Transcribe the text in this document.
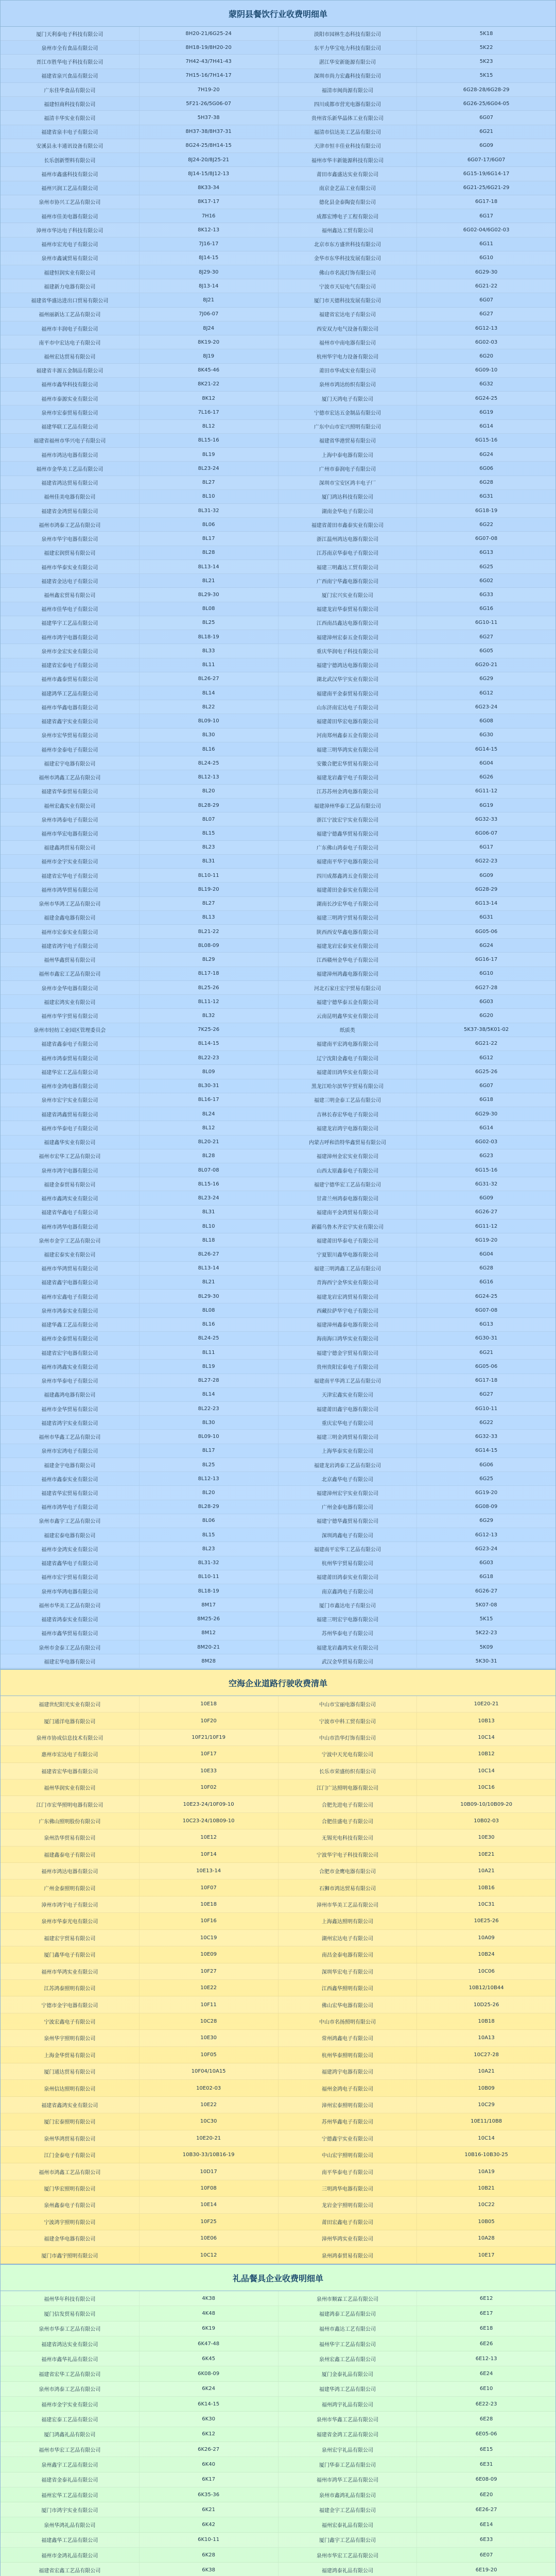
蒙阴县餐饮行业收费明细单
厦门天利泰电子科技有限公司	8H20-21/6G25-24	淡阳市园林生态科技有限公司	5K18
泉州市全有食品有限公司	8H18-19/8H20-20	东平力华宝电力科技有限公司	5K22
晋江市胜华电子科技有限公司	7H42-43/7H41-43	湛江华安新能源有限公司	5K23
福建省泉兴食品有限公司	7H15-16/7H14-17	深圳市尚力宏鑫科技有限公司	5K15
广东佳华食品有限公司	7H19-20	福清市闽尚源有限公司	6G28-28/6G28-29
福建恒商科技有限公司	5F21-26/5G06-07	四川成都市营光电器有限公司	6G26-25/6G04-05
福清丰华实业有限公司	5H37-38	贵州省乐新华晶体工业有限公司	6G07
福建省泉丰电子有限公司	8H37-38/8H37-31	福清市信达美工艺品有限公司	6G21
安溪县永丰通讯设备有限公司	8G24-25/8H14-15	天津市恒丰佳业科技有限公司	6G09
长乐创新塑料有限公司	8J24-20/8J25-21	福州市华丰新能源科技有限公司	6G07-17/6G07
福州市鑫盛科技有限公司	8J14-15/8J12-13	莆田市鑫盛达实业有限公司	6G15-19/6G14-17
福州兴润工艺品有限公司	8K33-34	南京金艺品工业有限公司	6G21-25/6G21-29
泉州市协兴工艺品有限公司	8K17-17	德化县金泰陶瓷有限公司	6G17-18
福州市佳美电器有限公司	7H16	成都宏博电子工程有限公司	6G17
漳州市华达电子科技有限公司	8K12-13	福州鑫达工贸有限公司	6G02-04/6G02-03
福州市宏光电子有限公司	7J16-17	北京市东方盛世科技有限公司	6G11
泉州市鑫诚贸易有限公司	8J14-15	金华市东华科技发展有限公司	6G10
福建恒润实业有限公司	8J29-30	佛山市名流灯饰有限公司	6G29-30
福建新力电器有限公司	8J13-14	宁波市天辰电气有限公司	6G21-22
福建省华盛达进出口贸易有限公司	8J21	厦门市天德科技发展有限公司	6G07
福州丽新达工艺品有限公司	7J06-07	福建省宏达电子有限公司	6G27
福州市丰润电子有限公司	8J24	西安双力电气设备有限公司	6G12-13
南平市中宏达电子有限公司	8K19-20	福州市中南电器有限公司	6G02-03
福州宏达贸易有限公司	8J19	杭州华宇电力设备有限公司	6G20
福建省丰源五金制品有限公司	8K45-46	莆田市华成实业有限公司	6G09-10
福州市鑫华科技有限公司	8K21-22	泉州市鸿达纺织有限公司	6G32
福州市泰源实业有限公司	8K12	厦门天鸿电子有限公司	6G24-25
泉州市宏泰贸易有限公司	7L16-17	宁德市宏达五金制品有限公司	6G19
福建华联工艺品有限公司	8L12	广东中山市宏兴照明有限公司	6G14
福建省福州市华兴电子有限公司	8L15-16	福建省华港贸易有限公司	6G15-16
福州市鸿达电器有限公司	8L19	上海中泰电器有限公司	6G24
福州市金华美工艺品有限公司	8L23-24	广州市泰润电子有限公司	6G06
福建省鸿达贸易有限公司	8L27	深圳市宝安区鸿丰电子厂	6G28
福州佳美电器有限公司	8L10	厦门鸿达科技有限公司	6G31
福建省金鸿贸易有限公司	8L31-32	湖南金华电子有限公司	6G18-19
福州市鸿泰工艺品有限公司	8L06	福建省莆田市鑫泰实业有限公司	6G22
泉州市华宇电器有限公司	8L17	浙江温州鸿达电器有限公司	6G07-08
福建宏润贸易有限公司	8L28	江苏南京华泰电子有限公司	6G13
福州市华泰实业有限公司	8L13-14	福建三明鑫达工贸有限公司	6G25
福建省金达电子有限公司	8L21	广西南宁华鑫电器有限公司	6G02
福州鑫宏贸易有限公司	8L29-30	厦门宏兴实业有限公司	6G33
福州市佳华电子有限公司	8L08	福建龙岩华泰贸易有限公司	6G16
福建华宇工艺品有限公司	8L25	江西南昌鑫达电器有限公司	6G10-11
福州市鸿宇电器有限公司	8L18-19	福建漳州宏泰五金有限公司	6G27
泉州市金宏实业有限公司	8L33	重庆华润电子科技有限公司	6G05
福建省宏泰电子有限公司	8L11	福建宁德鸿达电器有限公司	6G20-21
福州市鑫泰贸易有限公司	8L26-27	湖北武汉华宇实业有限公司	6G29
福建鸿华工艺品有限公司	8L14	福建南平金泰贸易有限公司	6G12
福州市华鑫电器有限公司	8L22	山东济南宏达电子有限公司	6G23-24
福建省鑫宇实业有限公司	8L09-10	福建莆田华宏电器有限公司	6G08
泉州市宏华贸易有限公司	8L30	河南郑州鑫泰五金有限公司	6G30
福州市金泰电子有限公司	8L16	福建三明华鸿实业有限公司	6G14-15
福建宏宇电器有限公司	8L24-25	安徽合肥宏华贸易有限公司	6G04
福州市鸿鑫工艺品有限公司	8L12-13	福建龙岩鑫宇电子有限公司	6G26
福建省华泰贸易有限公司	8L20	江苏苏州金鸿电器有限公司	6G11-12
福州宏鑫实业有限公司	8L28-29	福建漳州华泰工艺品有限公司	6G19
泉州市鸿泰电子有限公司	8L07	浙江宁波宏宇实业有限公司	6G32-33
福州市华宏电器有限公司	8L15	福建宁德鑫华贸易有限公司	6G06-07
福建鑫鸿贸易有限公司	8L23	广东佛山鸿泰电子有限公司	6G17
福州市金宇实业有限公司	8L31	福建南平华宇电器有限公司	6G22-23
福建省宏华电子有限公司	8L10-11	四川成都鑫鸿五金有限公司	6G09
福州市鸿华贸易有限公司	8L19-20	福建莆田金泰实业有限公司	6G28-29
泉州市华鸿工艺品有限公司	8L27	湖南长沙宏华电子有限公司	6G13-14
福建金鑫电器有限公司	8L13	福建三明鸿宇贸易有限公司	6G31
福州市宏泰实业有限公司	8L21-22	陕西西安华鑫电器有限公司	6G05-06
福建省鸿宇电子有限公司	8L08-09	福建龙岩宏泰实业有限公司	6G24
福州华鑫贸易有限公司	8L29	江西赣州金华电子有限公司	6G16-17
福州市鑫宏工艺品有限公司	8L17-18	福建漳州鸿鑫电器有限公司	6G10
泉州市金华电器有限公司	8L25-26	河北石家庄宏宇贸易有限公司	6G27-28
福建宏鸿实业有限公司	8L11-12	福建宁德华泰五金有限公司	6G03
福州市华宇贸易有限公司	8L32	云南昆明鑫华实业有限公司	6G20
泉州市轻纺工业园区管理委员会	7K25-26	纸质类	5K37-38/5K01-02
福建省鑫泰电子有限公司	8L14-15	福建南平宏鸿电器有限公司	6G21-22
福州市鸿泰贸易有限公司	8L22-23	辽宁沈阳金鑫电子有限公司	6G12
福建华宏工艺品有限公司	8L09	福建莆田鸿华实业有限公司	6G25-26
福州市金鸿电器有限公司	8L30-31	黑龙江哈尔滨华宇贸易有限公司	6G07
泉州市宏宇实业有限公司	8L16-17	福建三明金泰工艺品有限公司	6G18
福建省鸿鑫贸易有限公司	8L24	吉林长春宏华电子有限公司	6G29-30
福州市华泰电子有限公司	8L12	福建龙岩鸿宇电器有限公司	6G14
福建鑫华实业有限公司	8L20-21	内蒙古呼和浩特华鑫贸易有限公司	6G02-03
福州市宏华工艺品有限公司	8L28	福建漳州金宏实业有限公司	6G23
泉州市鸿宇电器有限公司	8L07-08	山西太原鑫泰电子有限公司	6G15-16
福建金泰贸易有限公司	8L15-16	福建宁德华宏工艺品有限公司	6G31-32
福州市鑫鸿实业有限公司	8L23-24	甘肃兰州鸿泰电器有限公司	6G09
福建省华鑫电子有限公司	8L31	福建南平金鸿贸易有限公司	6G26-27
福州市鸿华电器有限公司	8L10	新疆乌鲁木齐宏宇实业有限公司	6G11-12
泉州市金宇工艺品有限公司	8L18	福建莆田华泰电子有限公司	6G19-20
福建宏泰实业有限公司	8L26-27	宁夏银川鑫华电器有限公司	6G04
福州市华鸿贸易有限公司	8L13-14	福建三明鸿鑫工艺品有限公司	6G28
福建省鑫宇电器有限公司	8L21	青海西宁金华实业有限公司	6G16
福州市宏鑫电子有限公司	8L29-30	福建龙岩宏鸿贸易有限公司	6G24-25
泉州市鸿泰实业有限公司	8L08	西藏拉萨华宇电子有限公司	6G07-08
福建华鑫工艺品有限公司	8L16	福建漳州鑫泰电器有限公司	6G13
福州市金泰贸易有限公司	8L24-25	海南海口鸿华实业有限公司	6G30-31
福建省宏宇电器有限公司	8L11	福建宁德金宇贸易有限公司	6G21
福州市鸿鑫实业有限公司	8L19	贵州贵阳宏泰电子有限公司	6G05-06
泉州市华泰电子有限公司	8L27-28	福建南平华鸿工艺品有限公司	6G17-18
福建鑫鸿电器有限公司	8L14	天津宏鑫实业有限公司	6G27
福州市金华贸易有限公司	8L22-23	福建莆田鑫宇电器有限公司	6G10-11
福建省鸿宇实业有限公司	8L30	重庆宏华电子有限公司	6G22
福州市华鑫工艺品有限公司	8L09-10	福建三明金鸿贸易有限公司	6G32-33
泉州市宏鸿电子有限公司	8L17	上海华泰实业有限公司	6G14-15
福建金宇电器有限公司	8L25	福建龙岩鸿泰工艺品有限公司	6G06
福州市鑫泰实业有限公司	8L12-13	北京鑫华电子有限公司	6G25
福建省华宏贸易有限公司	8L20	福建漳州宏宇实业有限公司	6G19-20
福州市鸿华电子有限公司	8L28-29	广州金泰电器有限公司	6G08-09
泉州市鑫宇工艺品有限公司	8L06	福建宁德华鑫贸易有限公司	6G29
福建宏泰电器有限公司	8L15	深圳鸿鑫电子有限公司	6G12-13
福州市金鸿实业有限公司	8L23	福建南平宏华工艺品有限公司	6G23-24
福建省鑫华电子有限公司	8L31-32	杭州华宇贸易有限公司	6G03
福州市宏宇贸易有限公司	8L10-11	福建莆田鸿泰实业有限公司	6G18
泉州市华鸿电器有限公司	8L18-19	南京鑫鸿电子有限公司	6G26-27
福州市华美工艺品有限公司	8M17	厦门市鑫达电子有限公司	5K07-08
福建省鸿泰实业有限公司	8M25-26	福建三明宏宇电器有限公司	5K15
福州市鑫华贸易有限公司	8M12	苏州华泰电子有限公司	5K22-23
泉州市金泰工艺品有限公司	8M20-21	福建龙岩鑫鸿实业有限公司	5K09
福建宏华电器有限公司	8M28	武汉金华贸易有限公司	5K30-31
空海企业道路行驶收费清单
福建世纪阳光实业有限公司	10E18	中山市宝丽电器有限公司	10E20-21
厦门通洋电器有限公司	10F20	宁波市中科工贸有限公司	10B13
泉州市协成信息技术有限公司	10F21/10F19	中山市浩华灯饰有限公司	10C14
惠州市宏达电子有限公司	10F17	宁波中天光电有限公司	10B12
福建省宏华电器有限公司	10E33	长乐市荣盛纺织有限公司	10C14
福州华润实业有限公司	10F02	江门广达照明电器有限公司	10C16
江门市宏华照明电器有限公司	10E23-24/10F09-10	合肥先进电子有限公司	10B09-10/10B09-20
广东佛山照明股份有限公司	10C23-24/10B09-10	合肥佳盛电子有限公司	10B02-03
泉州浩华贸易有限公司	10E12	无锡光电科技有限公司	10E30
福建鑫泰电子有限公司	10F14	宁波华宇电子科技有限公司	10E21
福州市鸿达电器有限公司	10E13-14	合肥市金鹰电器有限公司	10A21
广州金泰照明有限公司	10F07	石狮市鸿达贸易有限公司	10B16
漳州市鸿宇电子有限公司	10E18	漳州市华美工艺品有限公司	10C31
泉州市华泰光电有限公司	10F16	上海鑫达照明有限公司	10E25-26
福建宏宇贸易有限公司	10C19	湖州宏达电子有限公司	10A09
厦门鑫华电子有限公司	10E09	南昌金泰电器有限公司	10B24
福州市华鸿实业有限公司	10F27	深圳华宏电子有限公司	10C06
江苏鸿泰照明有限公司	10E22	江西鑫华照明有限公司	10B12/10B44
宁德市金宇电器有限公司	10F11	佛山宏华电器有限公司	10D25-26
宁波宏鑫电子有限公司	10C28	中山市名扬照明有限公司	10B18
泉州华宇照明有限公司	10E30	常州鸿鑫电子有限公司	10A13
上海金华贸易有限公司	10F05	杭州华泰照明有限公司	10C27-28
厦门通达贸易有限公司	10F04/10A15	福建鸿宇电器有限公司	10A21
泉州信达照明有限公司	10E02-03	福州金鸿电子有限公司	10B09
福建省鑫鸿实业有限公司	10E22	漳州宏泰照明有限公司	10C29
厦门宏泰照明有限公司	10C30	苏州华鑫电子有限公司	10E11/10B8
泉州华鸿贸易有限公司	10E20-21	宁德鑫宇实业有限公司	10C14
江门金泰电子有限公司	10B30-33/10B16-19	中山宏宇照明有限公司	10B16-10B30-25
福州市鸿鑫工艺品有限公司	10D17	南平华泰电子有限公司	10A19
厦门华宏照明有限公司	10F08	三明鸿华电器有限公司	10B21
泉州鑫泰电子有限公司	10E14	龙岩金宇照明有限公司	10C22
宁波鸿宇照明有限公司	10F25	莆田宏鑫电子有限公司	10B05
福建金华电器有限公司	10E06	漳州华鸿实业有限公司	10A28
厦门市鑫宇照明有限公司	10C12	泉州鸿泰贸易有限公司	10E17
礼品餐具企业收费明细单
福州华年科技有限公司	4K38	泉州市顺霖工艺品有限公司	6E12
厦门信发贸易有限公司	4K48	福建鸿泰工艺品有限公司	6E17
泉州市华泰工艺品有限公司	6K19	福州市鑫达工艺有限公司	6E18
福建省鸿达实业有限公司	6K47-48	福州华宇工艺品有限公司	6E26
福州市鑫华礼品有限公司	6K45	泉州宏鑫工艺品有限公司	6E12-13
福建省宏华工艺品有限公司	6K08-09	厦门金泰礼品有限公司	6E24
泉州市鸿泰工艺品有限公司	6K24	福建华鸿工艺品有限公司	6E10
福州市金宇实业有限公司	6K14-15	福州鸿宇礼品有限公司	6E22-23
福建宏泰工艺品有限公司	6K30	泉州市华鑫工艺品有限公司	6E28
厦门鸿鑫礼品有限公司	6K12	福建省金鸿工艺品有限公司	6E05-06
福州市华宏工艺品有限公司	6K26-27	泉州宏宇礼品有限公司	6E15
泉州鑫宇工艺品有限公司	6K40	厦门华泰工艺品有限公司	6E31
福建省金泰礼品有限公司	6K17	福州市鸿华工艺品有限公司	6E08-09
福州宏华工艺品有限公司	6K35-36	泉州市鑫鸿礼品有限公司	6E20
厦门市鸿宇实业有限公司	6K21	福建金宇工艺品有限公司	6E26-27
泉州华鸿礼品有限公司	6K42	福州宏泰礼品有限公司	6E14
福建鑫华工艺品有限公司	6K10-11	厦门鑫宇工艺品有限公司	6E33
福州市金鸿礼品有限公司	6K28	泉州市华宏工艺品有限公司	6E07
福建省宏鑫工艺品有限公司	6K38	福建鸿泰礼品有限公司	6E19-20
